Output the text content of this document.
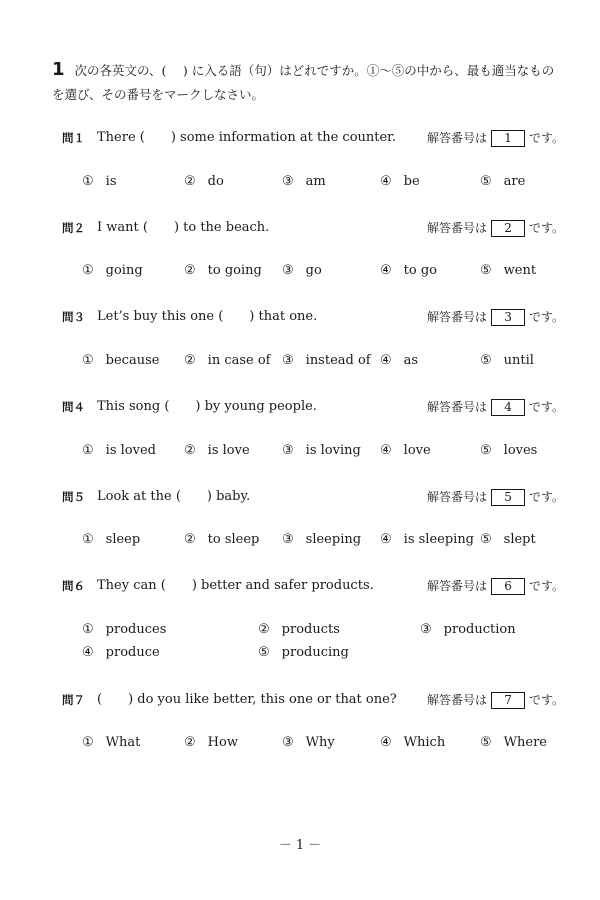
1 次の各英文の、(　 ) に入る語（句）はどれですか。①～⑤の中から、最も適当なものを選び、その番号をマークしなさい。
問１ There (　　) some information at the counter.	解答番号は 1 です。
① is	② do	③ am	④ be	⑤ are
問２ I want (　　) to the beach.	解答番号は 2 です。
① going	② to going ③ go	④ to go	⑤ went
問３ Let’s buy this one (　　) that one.	解答番号は 3 です。
① because ② in case of ③ instead of ④ as	⑤ until
問４ This song (　　) by young people.	解答番号は 4 です。
① is loved ② is love ③ is loving ④ love	⑤ loves
問５ Look at the (　　) baby.	解答番号は 5 です。
① sleep	② to sleep ③ sleeping ④ is sleeping ⑤ slept
問６ They can (　　) better and safer products.	解答番号は 6 です。
① produces	② products	③ production
④ produce	⑤ producing
問７ (　　) do you like better, this one or that one?	解答番号は 7 です。
① What	② How	③ Why	④ Which	⑤ Where
－ 1 －
